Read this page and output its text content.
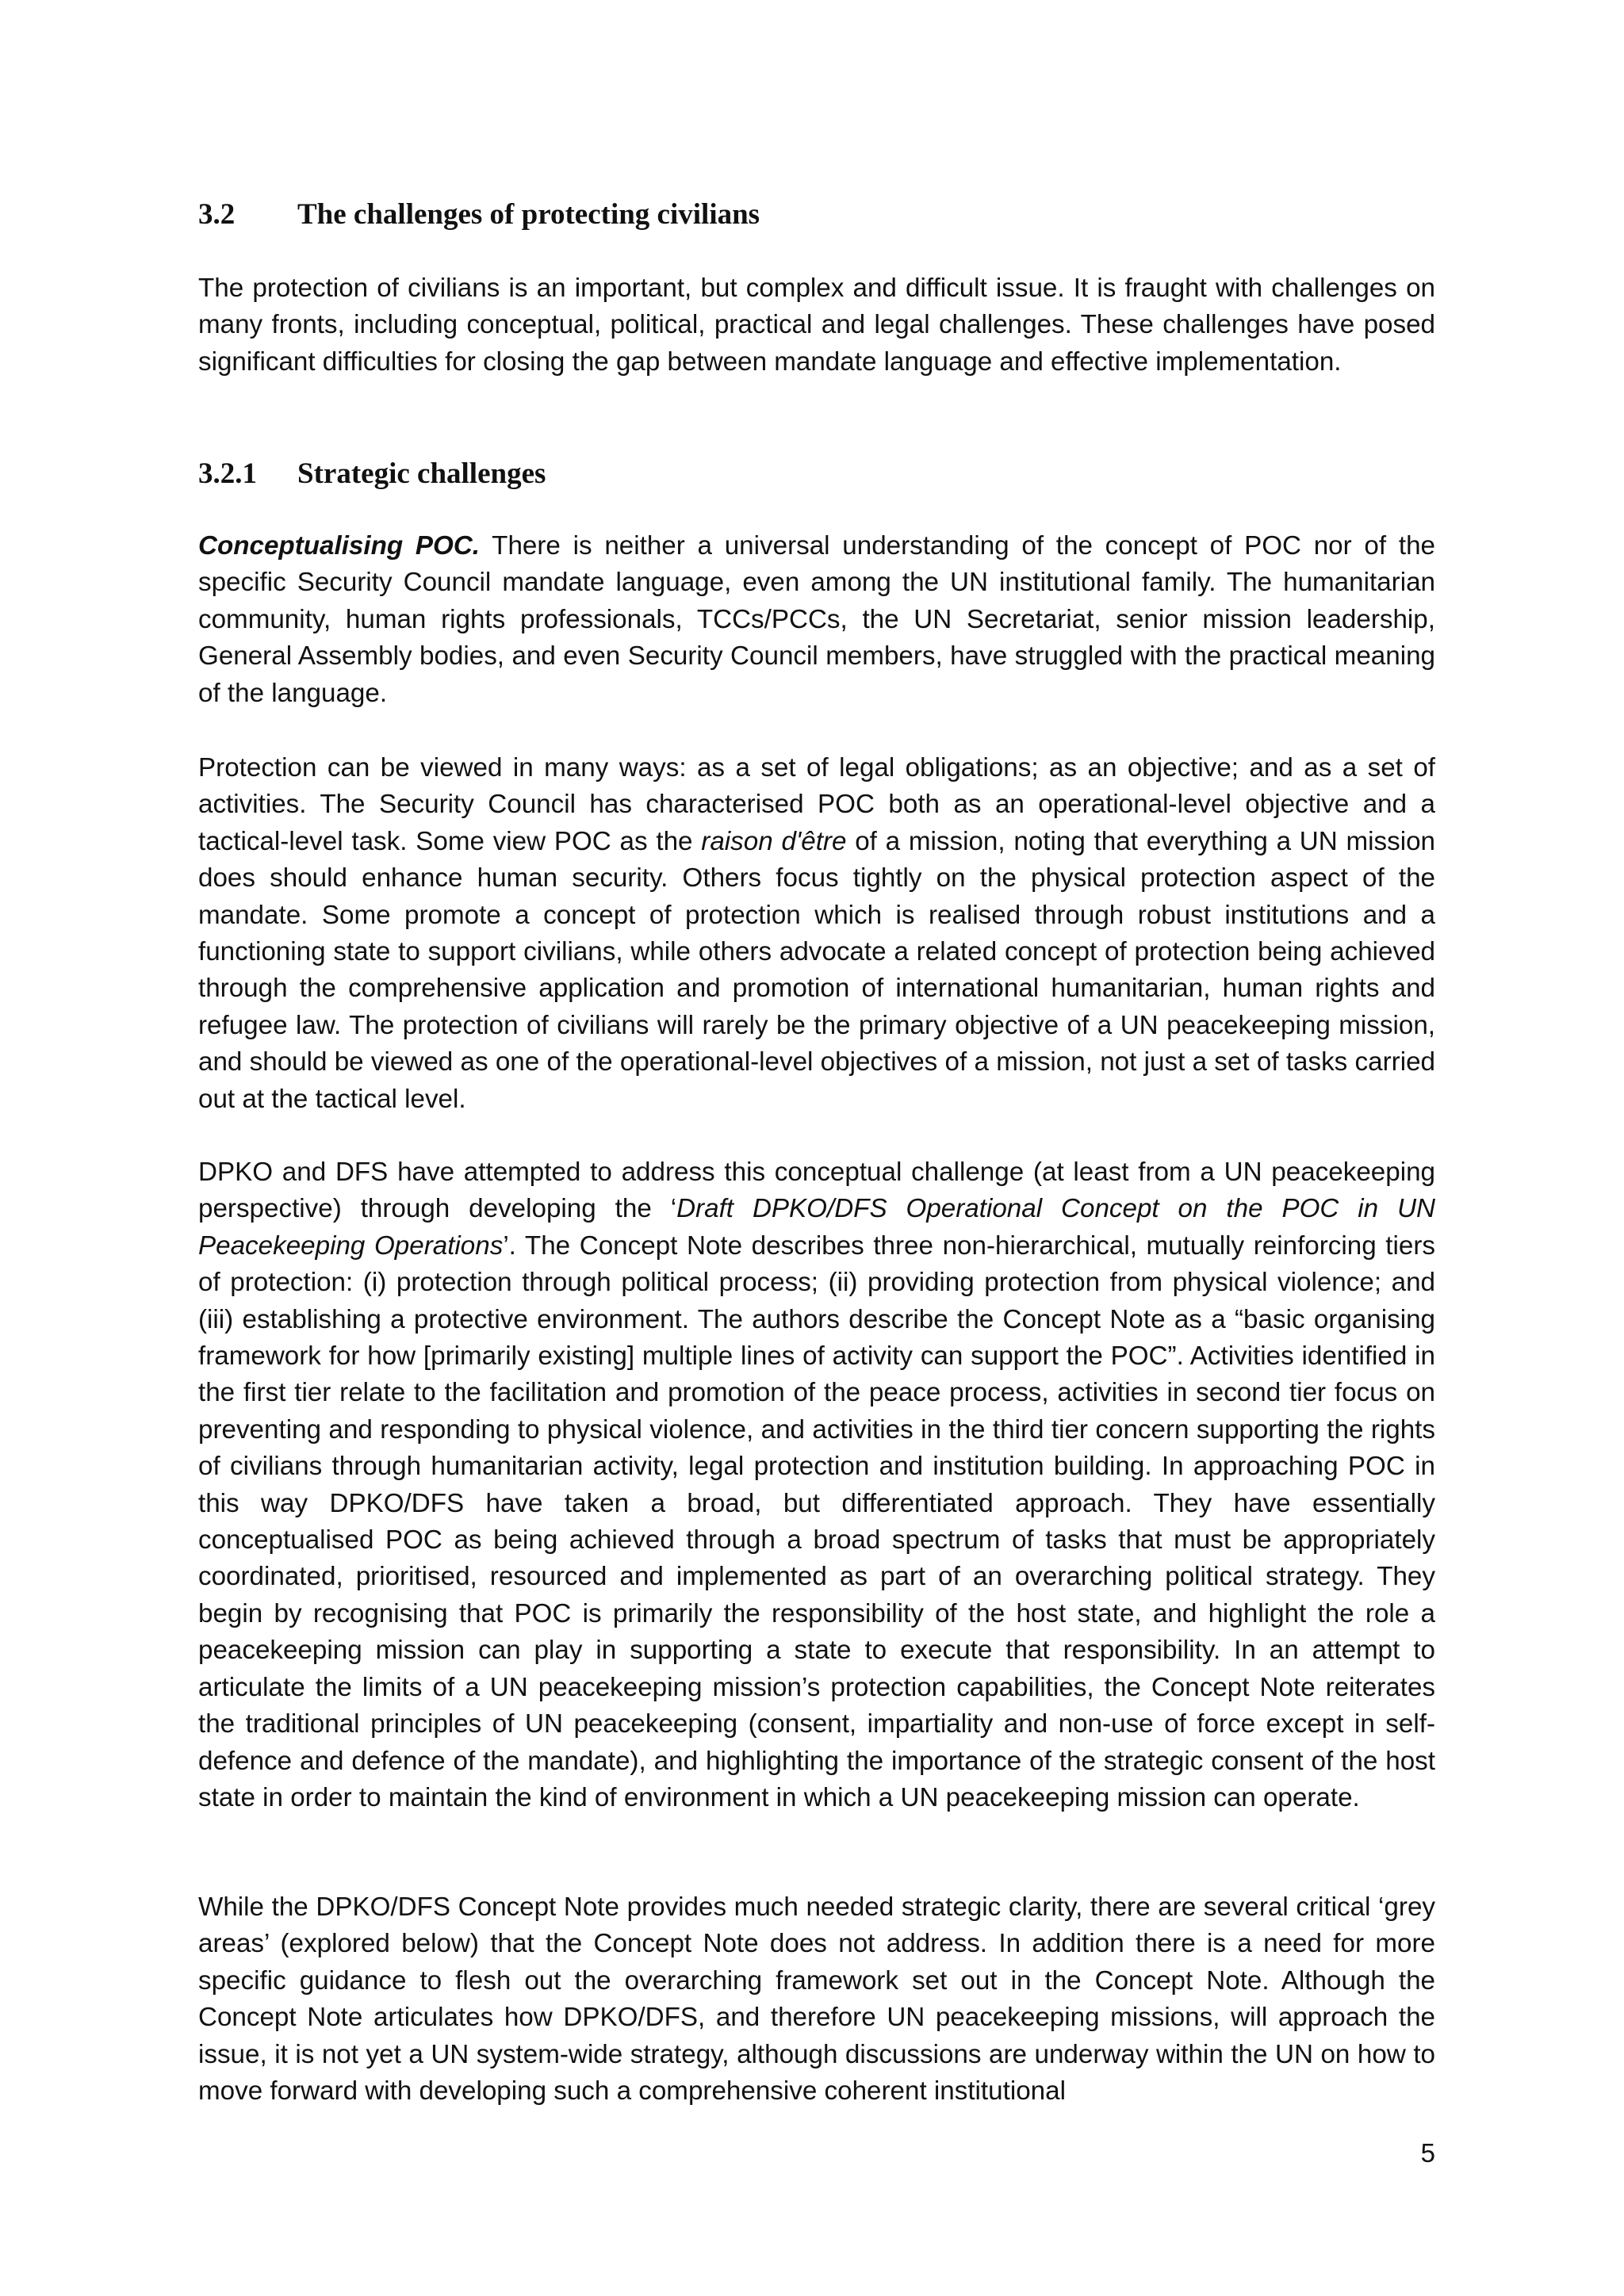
3.2	The challenges of protecting civilians

The protection of civilians is an important, but complex and difficult issue. It is fraught with challenges on many fronts, including conceptual, political, practical and legal challenges. These challenges have posed significant difficulties for closing the gap between mandate language and effective implementation.

3.2.1	Strategic challenges

Conceptualising POC. There is neither a universal understanding of the concept of POC nor of the specific Security Council mandate language, even among the UN institutional family. The humanitarian community, human rights professionals, TCCs/PCCs, the UN Secretariat, senior mission leadership, General Assembly bodies, and even Security Council members, have struggled with the practical meaning of the language.

Protection can be viewed in many ways: as a set of legal obligations; as an objective; and as a set of activities. The Security Council has characterised POC both as an operational-level objective and a tactical-level task. Some view POC as the raison d'être of a mission, noting that everything a UN mission does should enhance human security. Others focus tightly on the physical protection aspect of the mandate. Some promote a concept of protection which is realised through robust institutions and a functioning state to support civilians, while others advocate a related concept of protection being achieved through the comprehensive application and promotion of international humanitarian, human rights and refugee law. The protection of civilians will rarely be the primary objective of a UN peacekeeping mission, and should be viewed as one of the operational-level objectives of a mission, not just a set of tasks carried out at the tactical level.

DPKO and DFS have attempted to address this conceptual challenge (at least from a UN peacekeeping perspective) through developing the ‘Draft DPKO/DFS Operational Concept on the POC in UN Peacekeeping Operations’. The Concept Note describes three non-hierarchical, mutually reinforcing tiers of protection: (i) protection through political process; (ii) providing protection from physical violence; and (iii) establishing a protective environment. The authors describe the Concept Note as a “basic organising framework for how [primarily existing] multiple lines of activity can support the POC”. Activities identified in the first tier relate to the facilitation and promotion of the peace process, activities in second tier focus on preventing and responding to physical violence, and activities in the third tier concern supporting the rights of civilians through humanitarian activity, legal protection and institution building. In approaching POC in this way DPKO/DFS have taken a broad, but differentiated approach. They have essentially conceptualised POC as being achieved through a broad spectrum of tasks that must be appropriately coordinated, prioritised, resourced and implemented as part of an overarching political strategy. They begin by recognising that POC is primarily the responsibility of the host state, and highlight the role a peacekeeping mission can play in supporting a state to execute that responsibility. In an attempt to articulate the limits of a UN peacekeeping mission’s protection capabilities, the Concept Note reiterates the traditional principles of UN peacekeeping (consent, impartiality and non-use of force except in self-defence and defence of the mandate), and highlighting the importance of the strategic consent of the host state in order to maintain the kind of environment in which a UN peacekeeping mission can operate.

While the DPKO/DFS Concept Note provides much needed strategic clarity, there are several critical ‘grey areas’ (explored below) that the Concept Note does not address. In addition there is a need for more specific guidance to flesh out the overarching framework set out in the Concept Note. Although the Concept Note articulates how DPKO/DFS, and therefore UN peacekeeping missions, will approach the issue, it is not yet a UN system-wide strategy, although discussions are underway within the UN on how to move forward with developing such a comprehensive coherent institutional

5
